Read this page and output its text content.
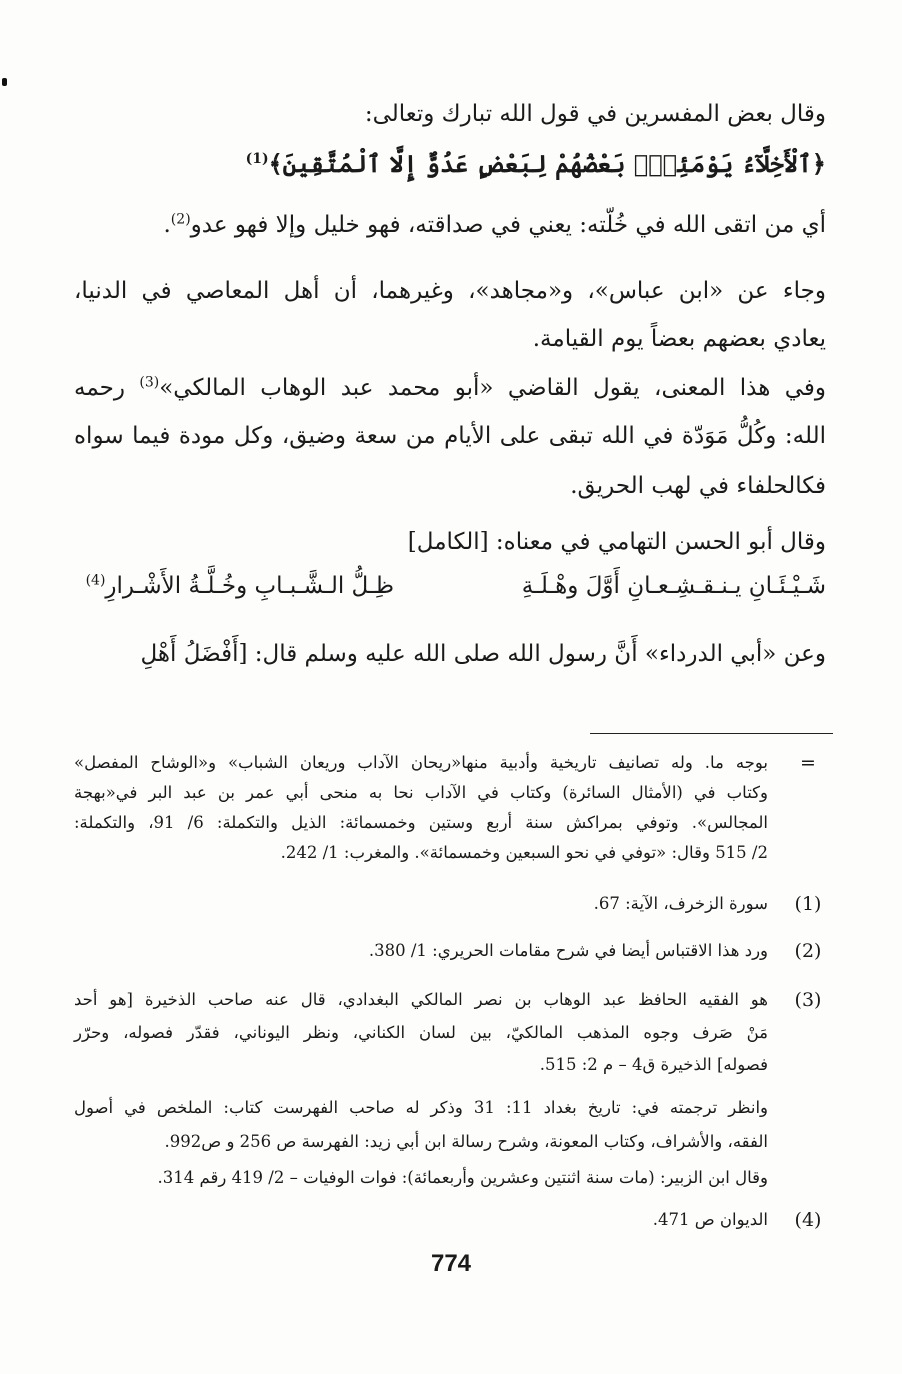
وقال بعض المفسرين في قول الله تبارك وتعالى:
﴿ٱلْأَخِلَّآءُ يَوْمَئِذٍۭ بَعْضُهُمْ لِبَعْضٍ عَدُوٌّ إِلَّا ٱلْمُتَّقِينَ﴾$^{(1)}$
أي من اتقى الله في خُلّته: يعني في صداقته، فهو خليل وإلا فهو عدو$^{(2)}$.
وجاء عن «ابن عباس»، و«مجاهد»، وغيرهما، أن أهل المعاصي في الدنيا،
يعادي بعضهم بعضاً يوم القيامة.
وفي هذا المعنى، يقول القاضي «أبو محمد عبد الوهاب المالكي»$^{(3)}$ رحمه
الله: وكُلُّ مَوَدّة في الله تبقى على الأيام من سعة وضيق، وكل مودة فيما سواه
فكالحلفاء في لهب الحريق.
وقال أبو الحسن التهامي في معناه: [الكامل]
شَـيْـئَـانِ يـنـقـشِـعـانِ أَوَّلَ وهْـلَـةِ
ظِـلُّ الـشَّـبـابِ وخُـلَّـةُ الأَشْـرارِ$^{(4)}$
وعن «أبي الدرداء» أَنَّ رسول الله صلى الله عليه وسلم قال: [أَفْضَلُ أَهْلِ
=
بوجه ما. وله تصانيف تاريخية وأدبية منها«ريحان الآداب وريعان الشباب» و«الوشاح المفصل»
وكتاب في (الأمثال السائرة) وكتاب في الآداب نحا به منحى أبي عمر بن عبد البر في«بهجة
المجالس». وتوفي بمراكش سنة أربع وستين وخمسمائة: الذيل والتكملة: 6/ 91، والتكملة:
2/ 515 وقال: «توفي في نحو السبعين وخمسمائة». والمغرب: 1/ 242.
(1)
سورة الزخرف، الآية: 67.
(2)
ورد هذا الاقتباس أيضا في شرح مقامات الحريري: 1/ 380.
(3)
هو الفقيه الحافظ عبد الوهاب بن نصر المالكي البغدادي، قال عنه صاحب الذخيرة [هو أحد
مَنْ صَرف وجوه المذهب المالكيّ، بين لسان الكناني، ونظر اليوناني، فقدّر فصوله، وحرّر
فصوله] الذخيرة ق4 – م 2: 515.
وانظر ترجمته في: تاريخ بغداد 11: 31 وذكر له صاحب الفهرست كتاب: الملخص في أصول
الفقه، والأشراف، وكتاب المعونة، وشرح رسالة ابن أبي زيد: الفهرسة ص 256 و ص992.
وقال ابن الزبير: (مات سنة اثنتين وعشرين وأربعمائة): فوات الوفيات – 2/ 419 رقم 314.
(4)
الديوان ص 471.
774
